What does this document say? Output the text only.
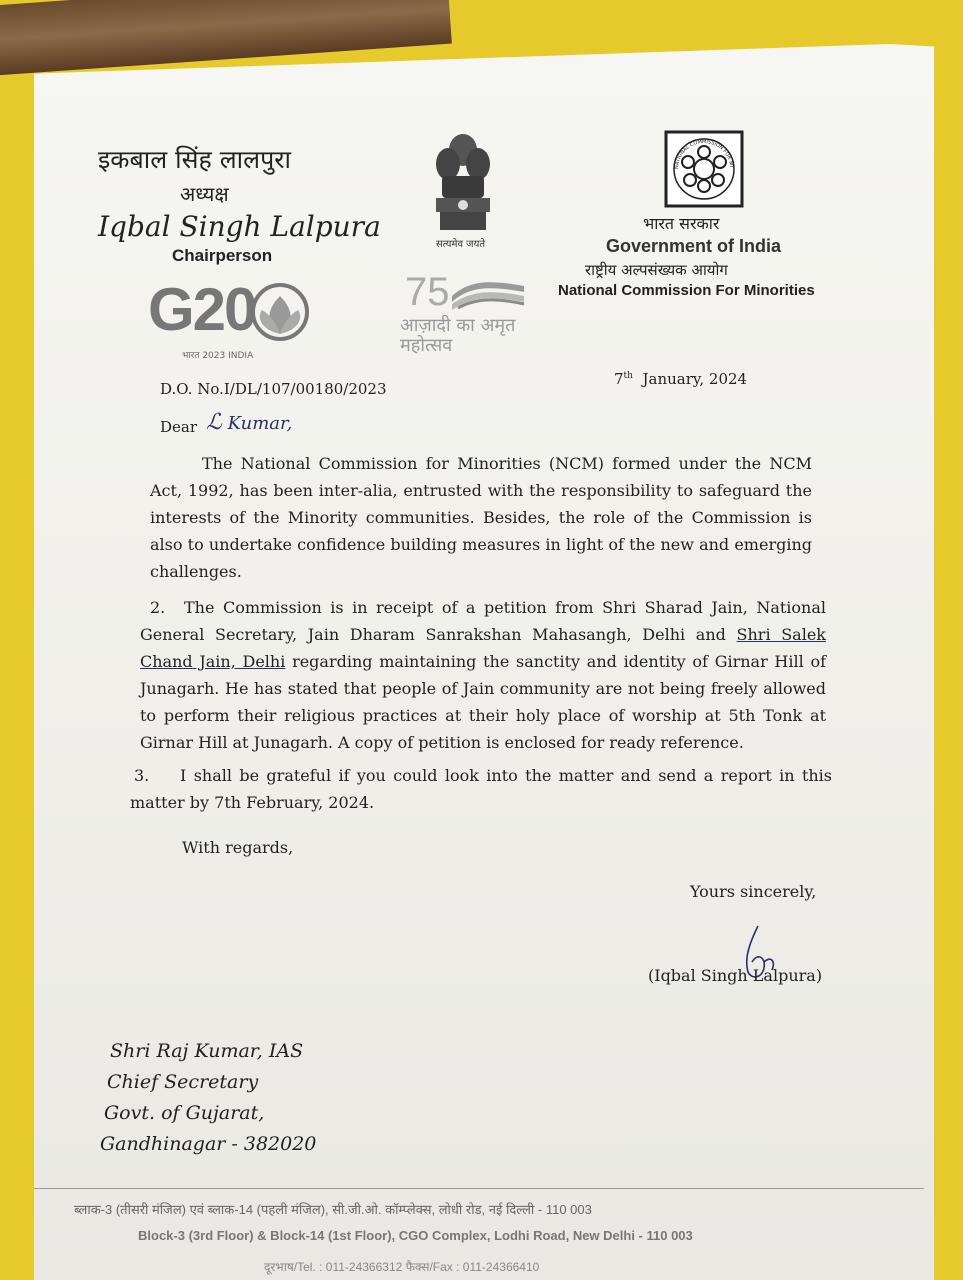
इकबाल सिंह लालपुरा
अध्यक्ष
Iqbal Singh Lalpura
Chairperson
G20
भारत 2023 INDIA
सत्यमेव जयते
75
आज़ादी का अमृत महोत्सव
NATIONAL COMMISSION FOR MI
भारत सरकार
Government of India
राष्ट्रीय अल्पसंख्यक आयोग
National Commission For Minorities
D.O. No.I/DL/107/00180/2023
7th January, 2024
Dear ℒ Kumar,
The National Commission for Minorities (NCM) formed under the NCM Act, 1992, has been inter-alia, entrusted with the responsibility to safeguard the interests of the Minority communities. Besides, the role of the Commission is also to undertake confidence building measures in light of the new and emerging challenges.
2. The Commission is in receipt of a petition from Shri Sharad Jain, National General Secretary, Jain Dharam Sanrakshan Mahasangh, Delhi and Shri Salek Chand Jain, Delhi regarding maintaining the sanctity and identity of Girnar Hill of Junagarh. He has stated that people of Jain community are not being freely allowed to perform their religious practices at their holy place of worship at 5th Tonk at Girnar Hill at Junagarh. A copy of petition is enclosed for ready reference.
3. I shall be grateful if you could look into the matter and send a report in this matter by 7th February, 2024.
With regards,
Yours sincerely,
(Iqbal Singh Lalpura)
Shri Raj Kumar, IAS
Chief Secretary
Govt. of Gujarat,
Gandhinagar - 382020
ब्लाक-3 (तीसरी मंजिल) एवं ब्लाक-14 (पहली मंजिल), सी.जी.ओ. कॉम्प्लेक्स, लोधी रोड, नई दिल्ली - 110 003
Block-3 (3rd Floor) & Block-14 (1st Floor), CGO Complex, Lodhi Road, New Delhi - 110 003
दूरभाष/Tel. : 011-24366312 फैक्स/Fax : 011-24366410
